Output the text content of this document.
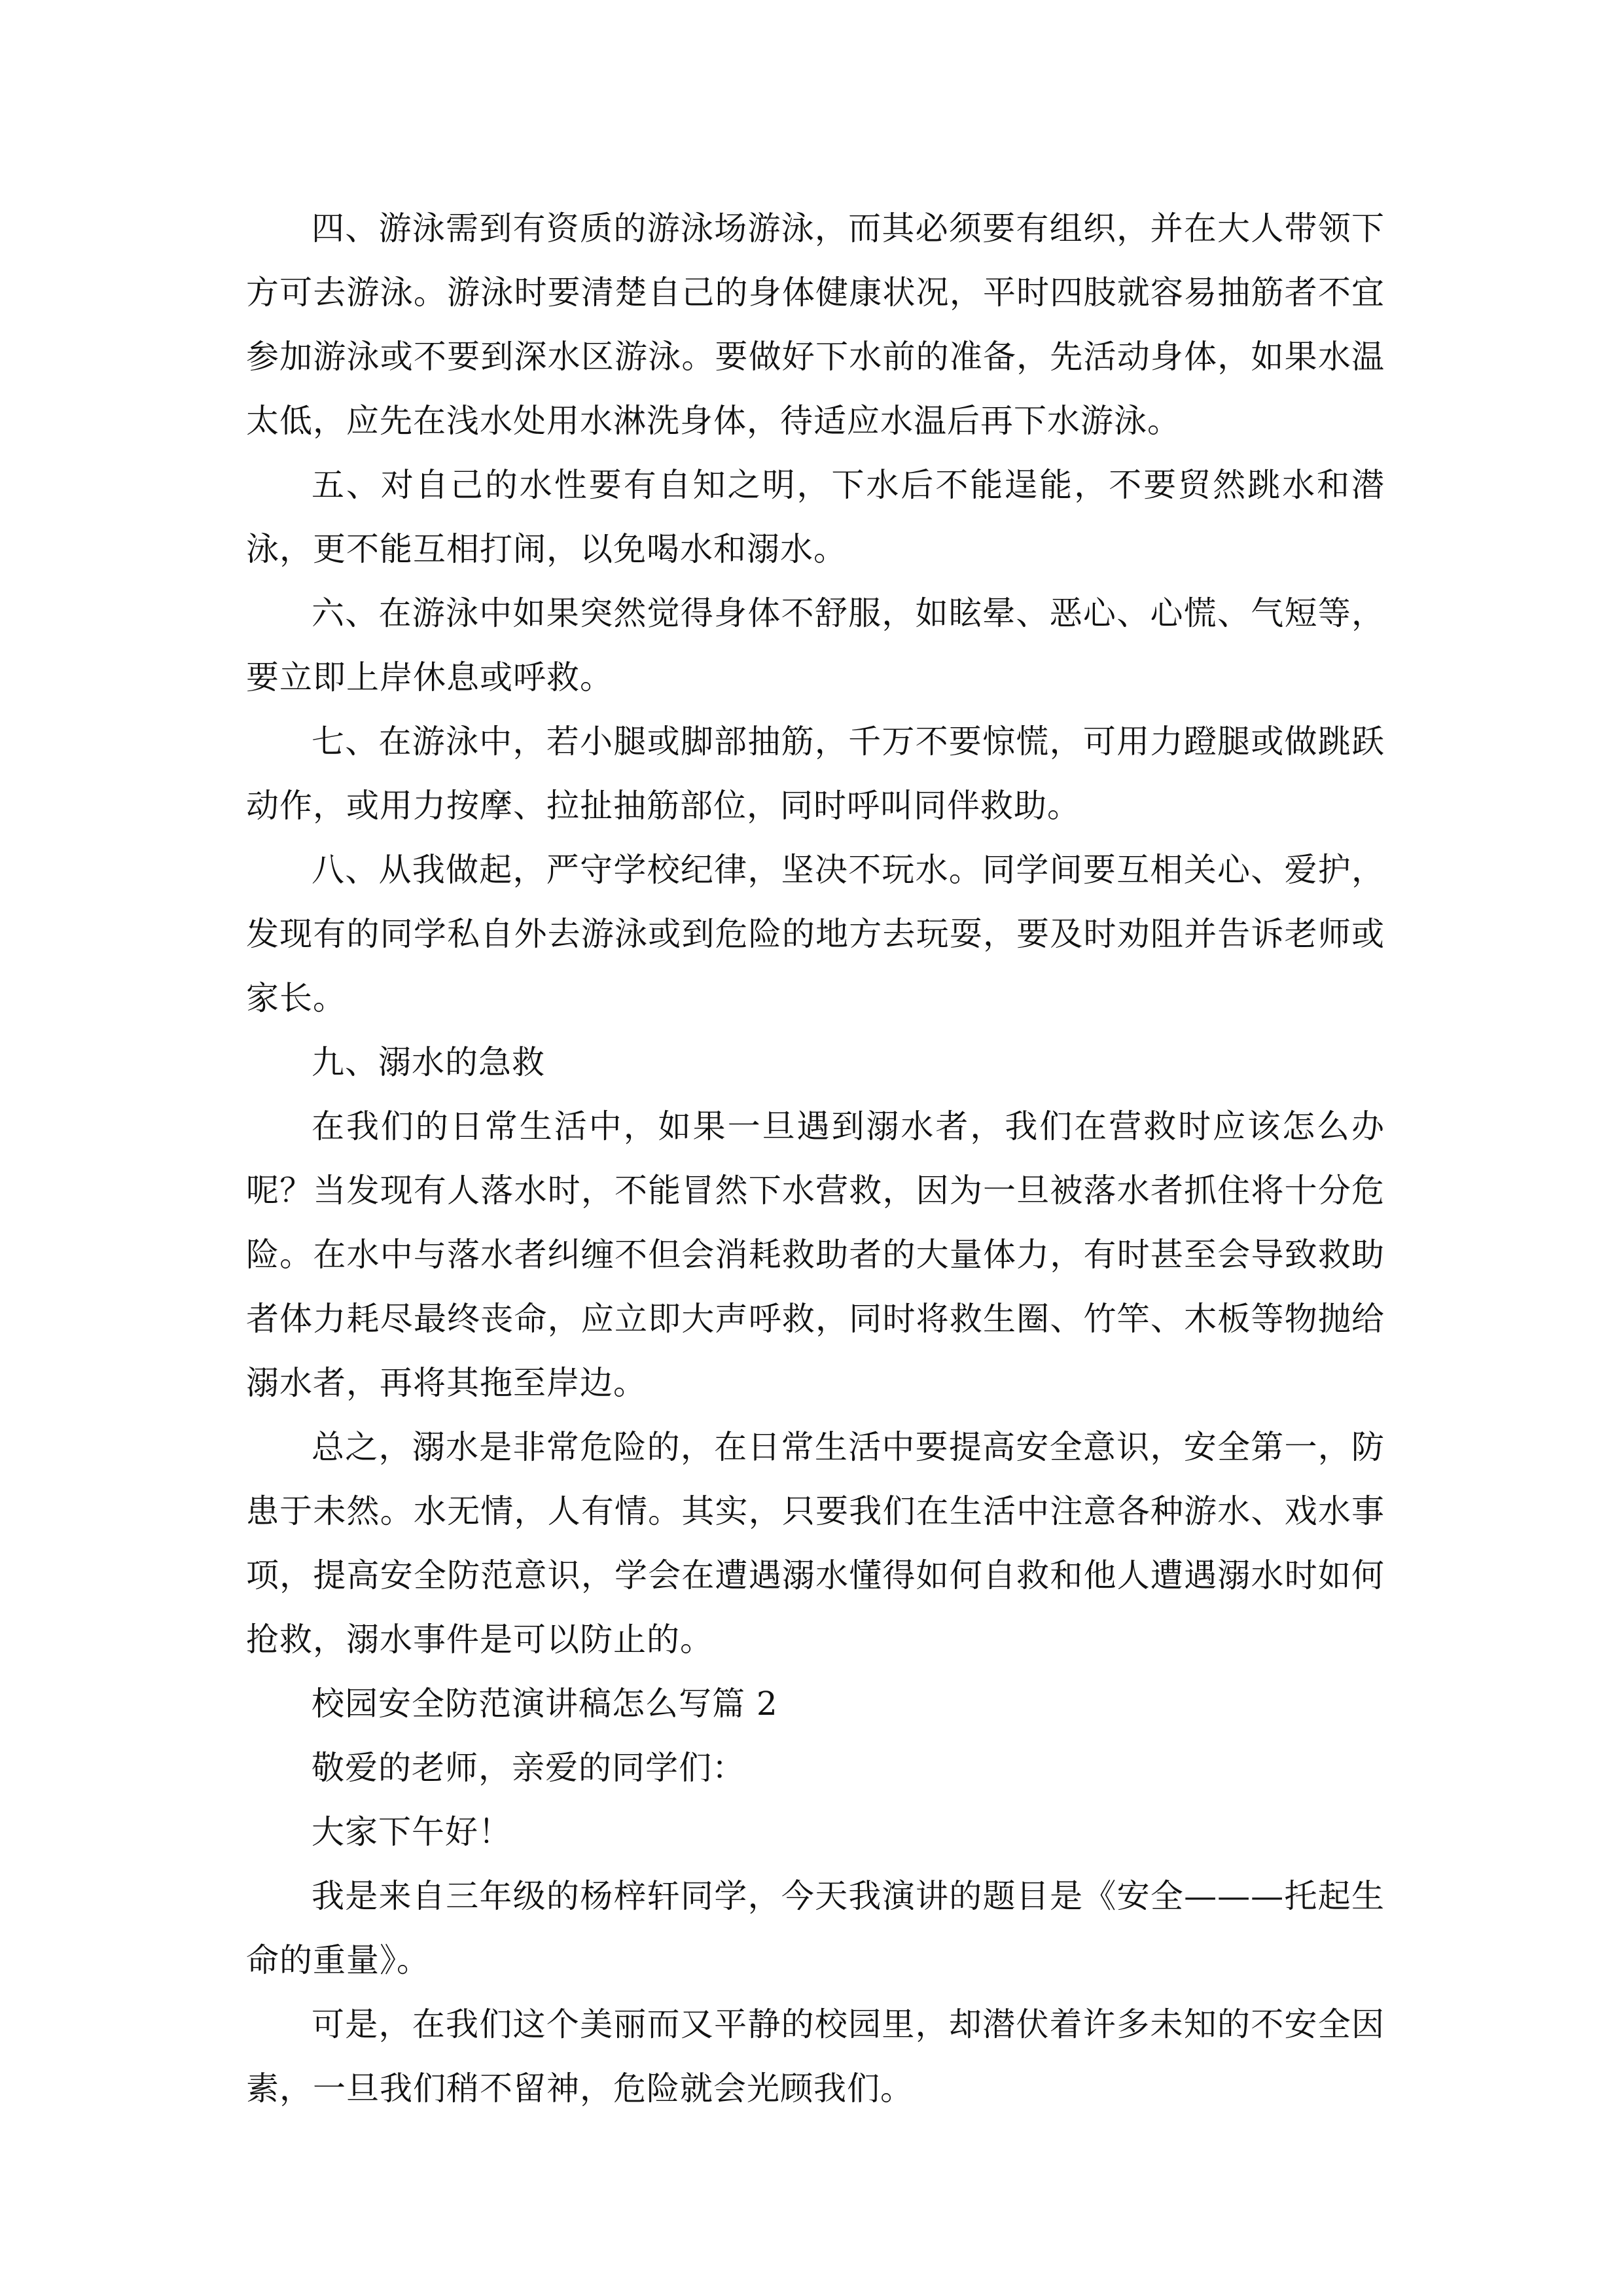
四、游泳需到有资质的游泳场游泳，而其必须要有组织，并在大人带领下方可去游泳。游泳时要清楚自己的身体健康状况，平时四肢就容易抽筋者不宜参加游泳或不要到深水区游泳。要做好下水前的准备，先活动身体，如果水温太低，应先在浅水处用水淋洗身体，待适应水温后再下水游泳。

五、对自己的水性要有自知之明，下水后不能逞能，不要贸然跳水和潜泳，更不能互相打闹，以免喝水和溺水。

六、在游泳中如果突然觉得身体不舒服，如眩晕、恶心、心慌、气短等，要立即上岸休息或呼救。

七、在游泳中，若小腿或脚部抽筋，千万不要惊慌，可用力蹬腿或做跳跃动作，或用力按摩、拉扯抽筋部位，同时呼叫同伴救助。

八、从我做起，严守学校纪律，坚决不玩水。同学间要互相关心、爱护，发现有的同学私自外去游泳或到危险的地方去玩耍，要及时劝阻并告诉老师或家长。

九、溺水的急救

在我们的日常生活中，如果一旦遇到溺水者，我们在营救时应该怎么办呢？当发现有人落水时，不能冒然下水营救，因为一旦被落水者抓住将十分危险。在水中与落水者纠缠不但会消耗救助者的大量体力，有时甚至会导致救助者体力耗尽最终丧命，应立即大声呼救，同时将救生圈、竹竿、木板等物抛给溺水者，再将其拖至岸边。

总之，溺水是非常危险的，在日常生活中要提高安全意识，安全第一，防患于未然。水无情，人有情。其实，只要我们在生活中注意各种游水、戏水事项，提高安全防范意识，学会在遭遇溺水懂得如何自救和他人遭遇溺水时如何抢救，溺水事件是可以防止的。

校园安全防范演讲稿怎么写篇 2

敬爱的老师，亲爱的同学们：

大家下午好！

我是来自三年级的杨梓轩同学，今天我演讲的题目是《安全———托起生命的重量》。

可是，在我们这个美丽而又平静的校园里，却潜伏着许多未知的不安全因素，一旦我们稍不留神，危险就会光顾我们。
